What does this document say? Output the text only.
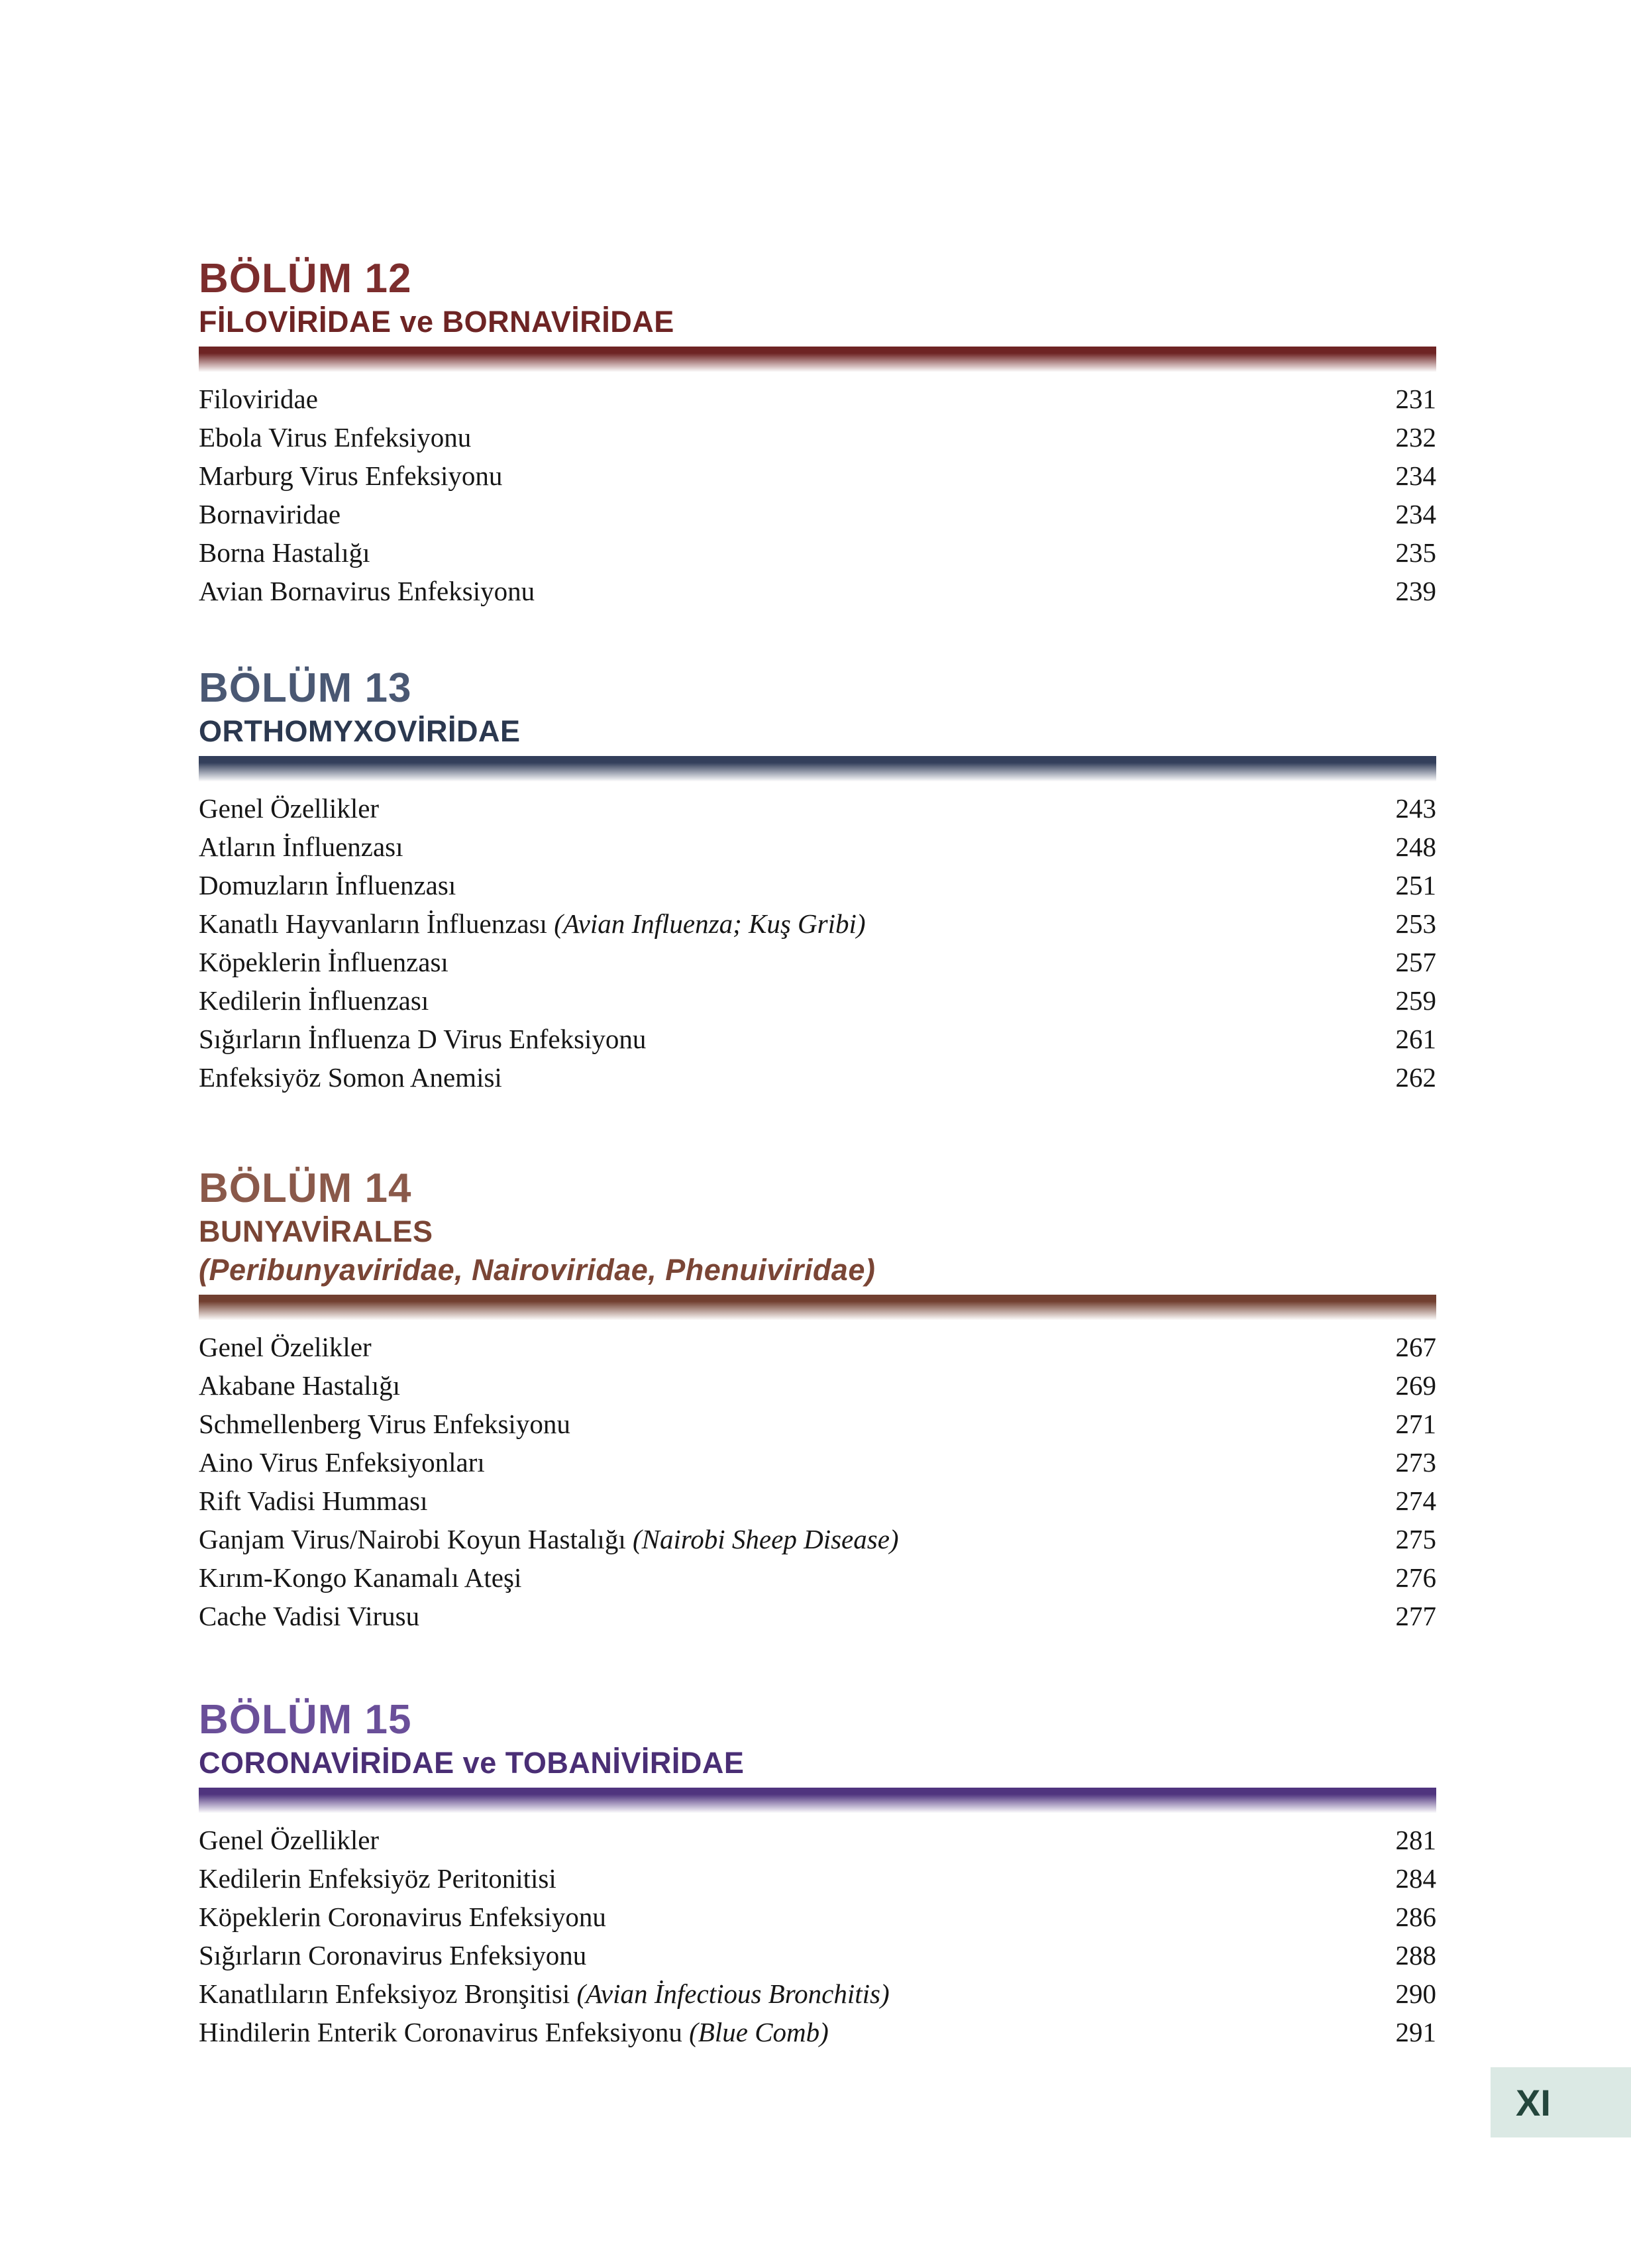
BÖLÜM 12
FİLOVİRİDAE ve BORNAVİRİDAE
Filoviridae	231
Ebola Virus Enfeksiyonu	232
Marburg Virus Enfeksiyonu	234
Bornaviridae	234
Borna Hastalığı	235
Avian Bornavirus Enfeksiyonu	239
BÖLÜM 13
ORTHOMYXOVİRİDAE
Genel Özellikler	243
Atların İnfluenzası	248
Domuzların İnfluenzası	251
Kanatlı Hayvanların İnfluenzası (Avian Influenza; Kuş Gribi)	253
Köpeklerin İnfluenzası	257
Kedilerin İnfluenzası	259
Sığırların İnfluenza D Virus Enfeksiyonu	261
Enfeksiyöz Somon Anemisi	262
BÖLÜM 14
BUNYAVİRALES
(Peribunyaviridae, Nairoviridae, Phenuiviridae)
Genel Özelikler	267
Akabane Hastalığı	269
Schmellenberg Virus Enfeksiyonu	271
Aino Virus Enfeksiyonları	273
Rift Vadisi Humması	274
Ganjam Virus/Nairobi Koyun Hastalığı (Nairobi Sheep Disease)	275
Kırım-Kongo Kanamalı Ateşi	276
Cache Vadisi Virusu	277
BÖLÜM 15
CORONAVİRİDAE ve TOBANİVİRİDAE
Genel Özellikler	281
Kedilerin Enfeksiyöz Peritonitisi	284
Köpeklerin Coronavirus Enfeksiyonu	286
Sığırların Coronavirus Enfeksiyonu	288
Kanatlıların Enfeksiyoz Bronşitisi (Avian İnfectious Bronchitis)	290
Hindilerin Enterik Coronavirus Enfeksiyonu (Blue Comb)	291
XI
